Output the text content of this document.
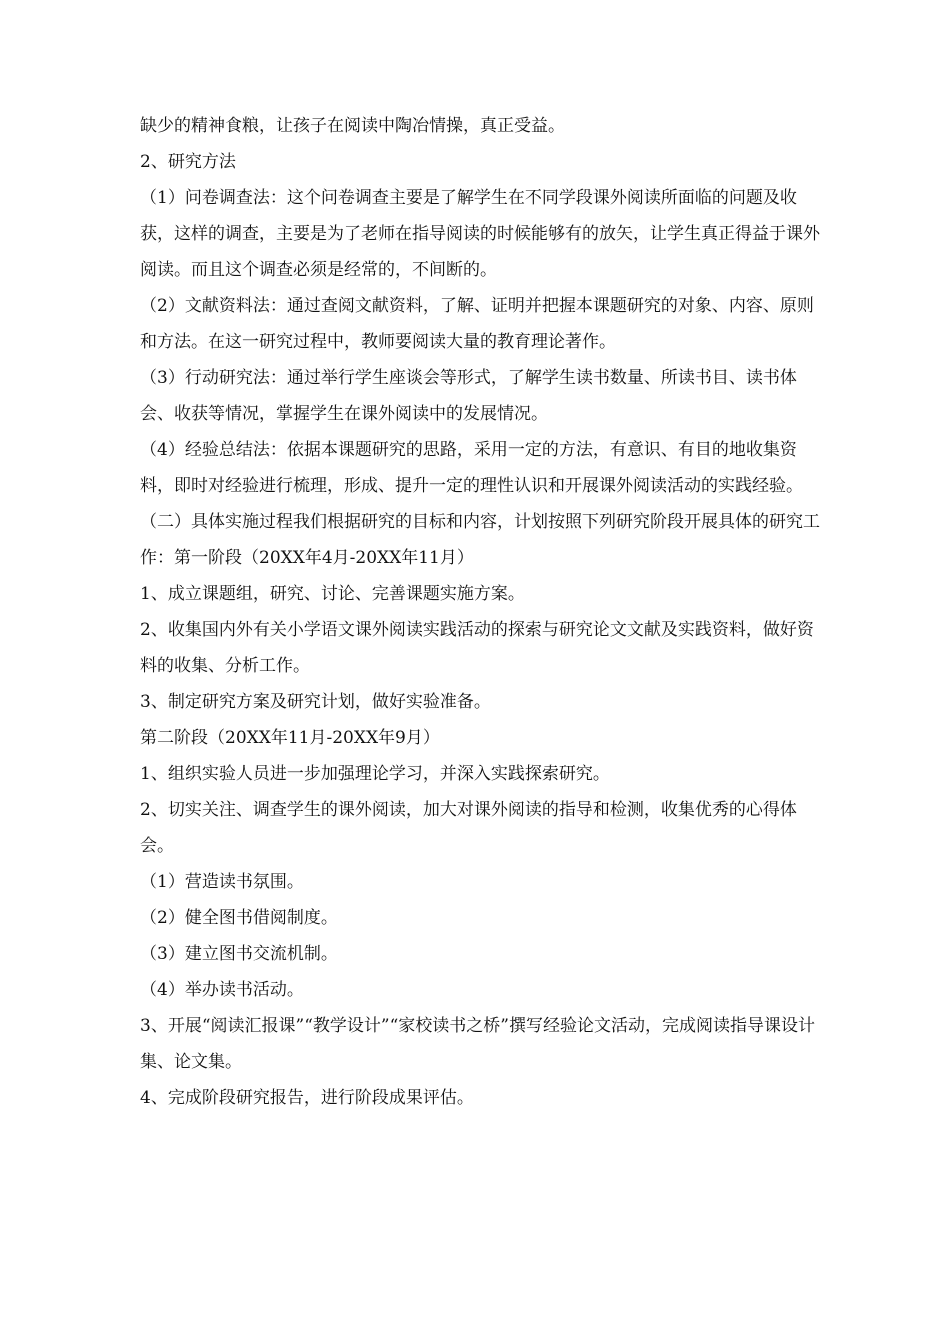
缺少的精神食粮，让孩子在阅读中陶冶情操，真正受益。

2、研究方法

（1）问卷调查法：这个问卷调查主要是了解学生在不同学段课外阅读所面临的问题及收获，这样的调查，主要是为了老师在指导阅读的时候能够有的放矢，让学生真正得益于课外阅读。而且这个调查必须是经常的，不间断的。

（2）文献资料法：通过查阅文献资料，了解、证明并把握本课题研究的对象、内容、原则和方法。在这一研究过程中，教师要阅读大量的教育理论著作。

（3）行动研究法：通过举行学生座谈会等形式，了解学生读书数量、所读书目、读书体会、收获等情况，掌握学生在课外阅读中的发展情况。

（4）经验总结法：依据本课题研究的思路，采用一定的方法，有意识、有目的地收集资料，即时对经验进行梳理，形成、提升一定的理性认识和开展课外阅读活动的实践经验。

（二）具体实施过程我们根据研究的目标和内容，计划按照下列研究阶段开展具体的研究工作：第一阶段（20XX年4月-20XX年11月）

1、成立课题组，研究、讨论、完善课题实施方案。

2、收集国内外有关小学语文课外阅读实践活动的探索与研究论文文献及实践资料，做好资料的收集、分析工作。

3、制定研究方案及研究计划，做好实验准备。

第二阶段（20XX年11月-20XX年9月）

1、组织实验人员进一步加强理论学习，并深入实践探索研究。

2、切实关注、调查学生的课外阅读，加大对课外阅读的指导和检测，收集优秀的心得体会。

（1）营造读书氛围。

（2）健全图书借阅制度。

（3）建立图书交流机制。

（4）举办读书活动。

3、开展“阅读汇报课”“教学设计”“家校读书之桥”撰写经验论文活动，完成阅读指导课设计集、论文集。

4、完成阶段研究报告，进行阶段成果评估。
